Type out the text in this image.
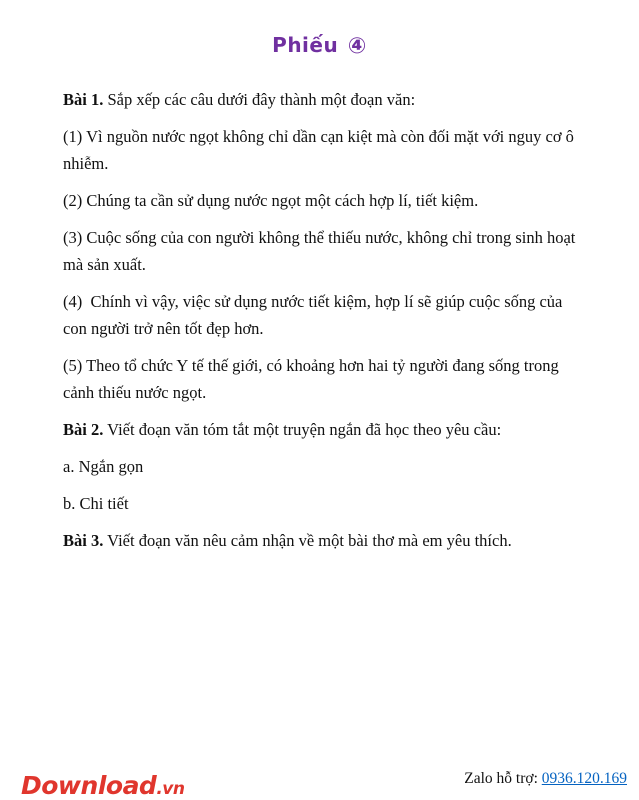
Phiếu ④

Bài 1. Sắp xếp các câu dưới đây thành một đoạn văn:

(1) Vì nguồn nước ngọt không chỉ dần cạn kiệt mà còn đối mặt với nguy cơ ô nhiễm.

(2) Chúng ta cần sử dụng nước ngọt một cách hợp lí, tiết kiệm.

(3) Cuộc sống của con người không thể thiếu nước, không chỉ trong sinh hoạt mà sản xuất.

(4)  Chính vì vậy, việc sử dụng nước tiết kiệm, hợp lí sẽ giúp cuộc sống của con người trở nên tốt đẹp hơn.

(5) Theo tổ chức Y tế thế giới, có khoảng hơn hai tỷ người đang sống trong cảnh thiếu nước ngọt.

Bài 2. Viết đoạn văn tóm tắt một truyện ngắn đã học theo yêu cầu:

a. Ngắn gọn

b. Chi tiết

Bài 3. Viết đoạn văn nêu cảm nhận về một bài thơ mà em yêu thích.

Download.vn
Zalo hỗ trợ: 0936.120.169
